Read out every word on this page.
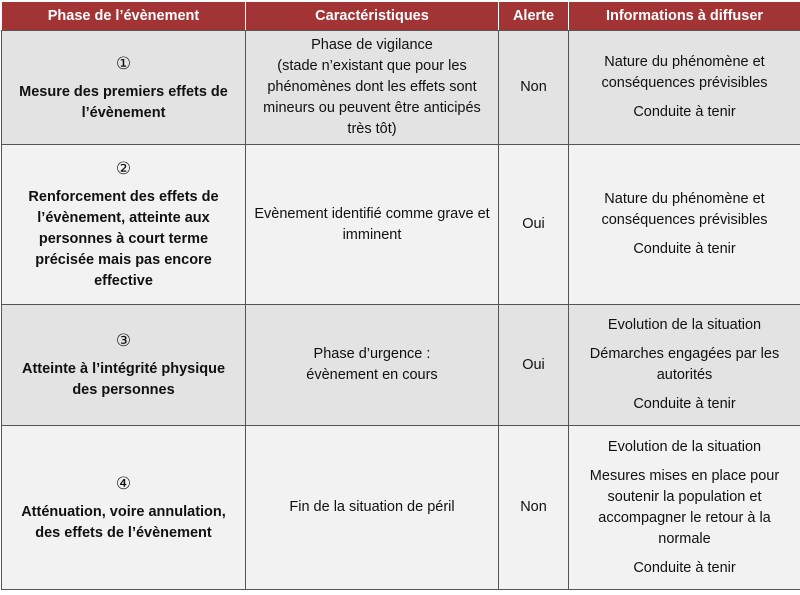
Phase de l’évènement	Caractéristiques	Alerte	Informations à diffuser

①
Mesure des premiers effets de l’évènement	Phase de vigilance
(stade n’existant que pour les phénomènes dont les effets sont mineurs ou peuvent être anticipés très tôt)	Non	Nature du phénomène et conséquences prévisibles
Conduite à tenir

②
Renforcement des effets de l’évènement, atteinte aux personnes à court terme précisée mais pas encore effective	Evènement identifié comme grave et imminent	Oui	Nature du phénomène et conséquences prévisibles
Conduite à tenir

③
Atteinte à l’intégrité physique des personnes	Phase d’urgence :
évènement en cours	Oui	Evolution de la situation
Démarches engagées par les autorités
Conduite à tenir

④
Atténuation, voire annulation, des effets de l’évènement	Fin de la situation de péril	Non	Evolution de la situation
Mesures mises en place pour soutenir la population et accompagner le retour à la normale
Conduite à tenir
